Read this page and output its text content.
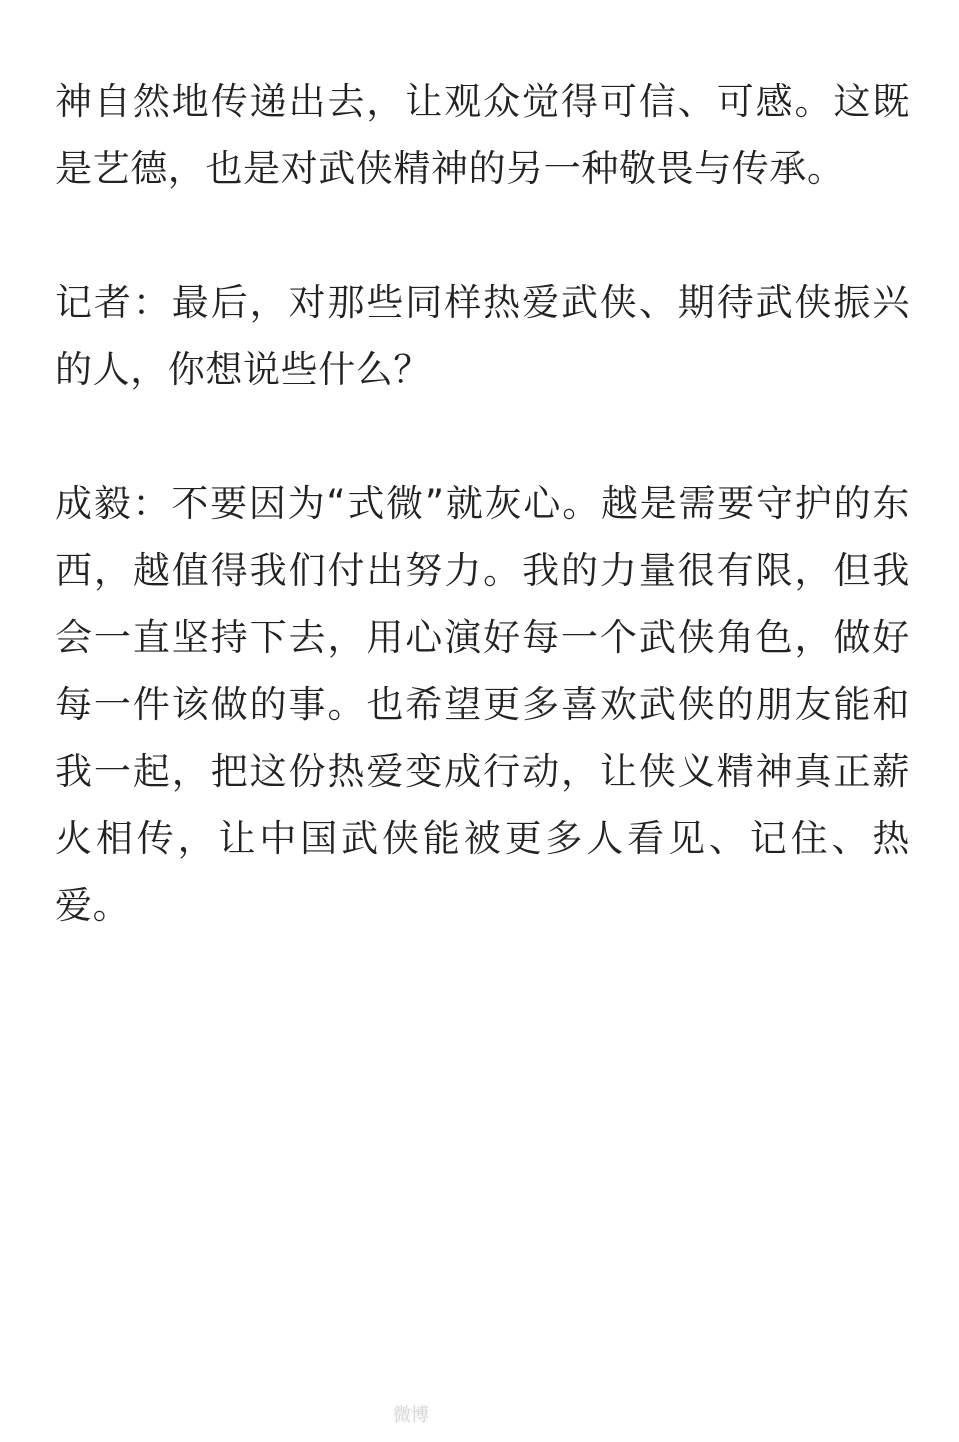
神自然地传递出去，让观众觉得可信、可感。这既是艺德，也是对武侠精神的另一种敬畏与传承。

记者：最后，对那些同样热爱武侠、期待武侠振兴的人，你想说些什么？

成毅：不要因为“式微”就灰心。越是需要守护的东西，越值得我们付出努力。我的力量很有限，但我会一直坚持下去，用心演好每一个武侠角色，做好每一件该做的事。也希望更多喜欢武侠的朋友能和我一起，把这份热爱变成行动，让侠义精神真正薪火相传，让中国武侠能被更多人看见、记住、热爱。

微博
